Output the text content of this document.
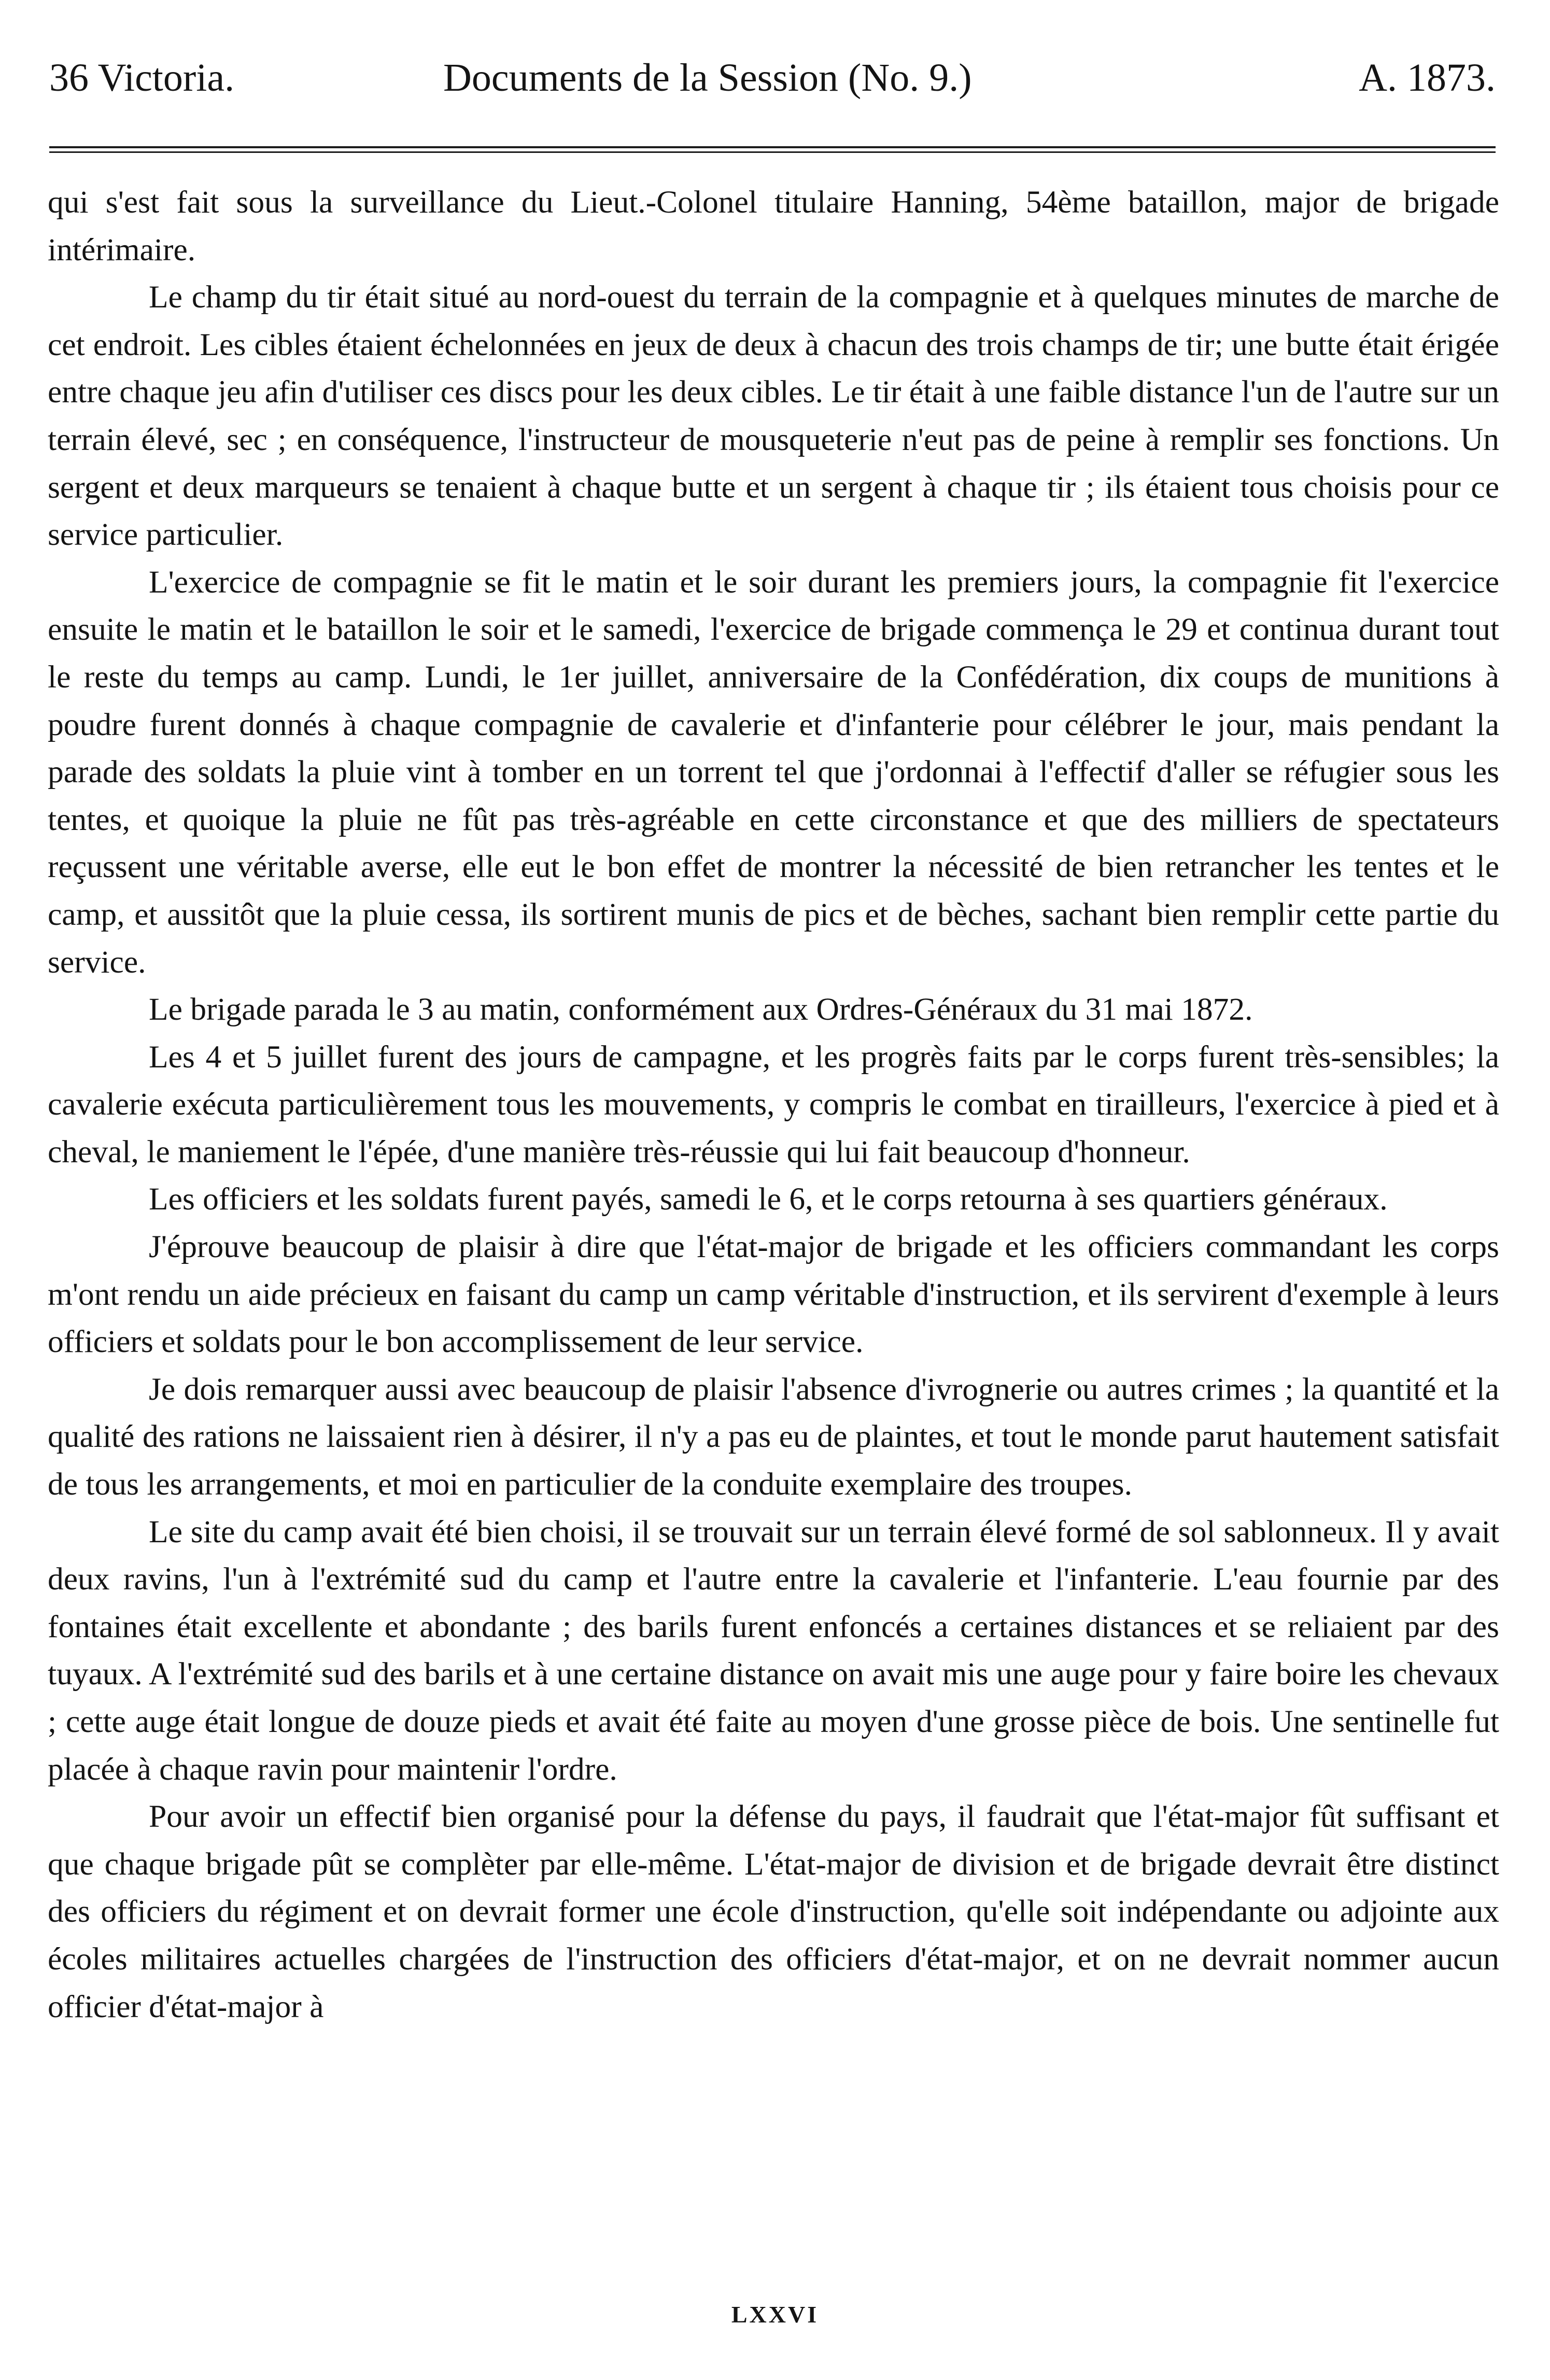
36 Victoria.	Documents de la Session (No. 9.)	A. 1873.

qui s'est fait sous la surveillance du Lieut.-Colonel titulaire Hanning, 54ème bataillon, major de brigade intérimaire.

Le champ du tir était situé au nord-ouest du terrain de la compagnie et à quelques minutes de marche de cet endroit. Les cibles étaient échelonnées en jeux de deux à chacun des trois champs de tir; une butte était érigée entre chaque jeu afin d'utiliser ces discs pour les deux cibles. Le tir était à une faible distance l'un de l'autre sur un terrain élevé, sec ; en conséquence, l'instructeur de mousqueterie n'eut pas de peine à remplir ses fonctions. Un sergent et deux marqueurs se tenaient à chaque butte et un sergent à chaque tir ; ils étaient tous choisis pour ce service particulier.

L'exercice de compagnie se fit le matin et le soir durant les premiers jours, la compagnie fit l'exercice ensuite le matin et le bataillon le soir et le samedi, l'exercice de brigade commença le 29 et continua durant tout le reste du temps au camp. Lundi, le 1er juillet, anniversaire de la Confédération, dix coups de munitions à poudre furent donnés à chaque compagnie de cavalerie et d'infanterie pour célébrer le jour, mais pendant la parade des soldats la pluie vint à tomber en un torrent tel que j'ordonnai à l'effectif d'aller se réfugier sous les tentes, et quoique la pluie ne fût pas très-agréable en cette circonstance et que des milliers de spectateurs reçussent une véritable averse, elle eut le bon effet de montrer la nécessité de bien retrancher les tentes et le camp, et aussitôt que la pluie cessa, ils sortirent munis de pics et de bèches, sachant bien remplir cette partie du service.

Le brigade parada le 3 au matin, conformément aux Ordres-Généraux du 31 mai 1872.

Les 4 et 5 juillet furent des jours de campagne, et les progrès faits par le corps furent très-sensibles; la cavalerie exécuta particulièrement tous les mouvements, y compris le combat en tirailleurs, l'exercice à pied et à cheval, le maniement le l'épée, d'une manière très-réussie qui lui fait beaucoup d'honneur.

Les officiers et les soldats furent payés, samedi le 6, et le corps retourna à ses quartiers généraux.

J'éprouve beaucoup de plaisir à dire que l'état-major de brigade et les officiers commandant les corps m'ont rendu un aide précieux en faisant du camp un camp véritable d'instruction, et ils servirent d'exemple à leurs officiers et soldats pour le bon accomplissement de leur service.

Je dois remarquer aussi avec beaucoup de plaisir l'absence d'ivrognerie ou autres crimes ; la quantité et la qualité des rations ne laissaient rien à désirer, il n'y a pas eu de plaintes, et tout le monde parut hautement satisfait de tous les arrangements, et moi en particulier de la conduite exemplaire des troupes.

Le site du camp avait été bien choisi, il se trouvait sur un terrain élevé formé de sol sablonneux. Il y avait deux ravins, l'un à l'extrémité sud du camp et l'autre entre la cavalerie et l'infanterie. L'eau fournie par des fontaines était excellente et abondante ; des barils furent enfoncés a certaines distances et se reliaient par des tuyaux. A l'extrémité sud des barils et à une certaine distance on avait mis une auge pour y faire boire les chevaux ; cette auge était longue de douze pieds et avait été faite au moyen d'une grosse pièce de bois. Une sentinelle fut placée à chaque ravin pour maintenir l'ordre.

Pour avoir un effectif bien organisé pour la défense du pays, il faudrait que l'état-major fût suffisant et que chaque brigade pût se complèter par elle-même. L'état-major de division et de brigade devrait être distinct des officiers du régiment et on devrait former une école d'instruction, qu'elle soit indépendante ou adjointe aux écoles militaires actuelles chargées de l'instruction des officiers d'état-major, et on ne devrait nommer aucun officier d'état-major à

LXXVI
